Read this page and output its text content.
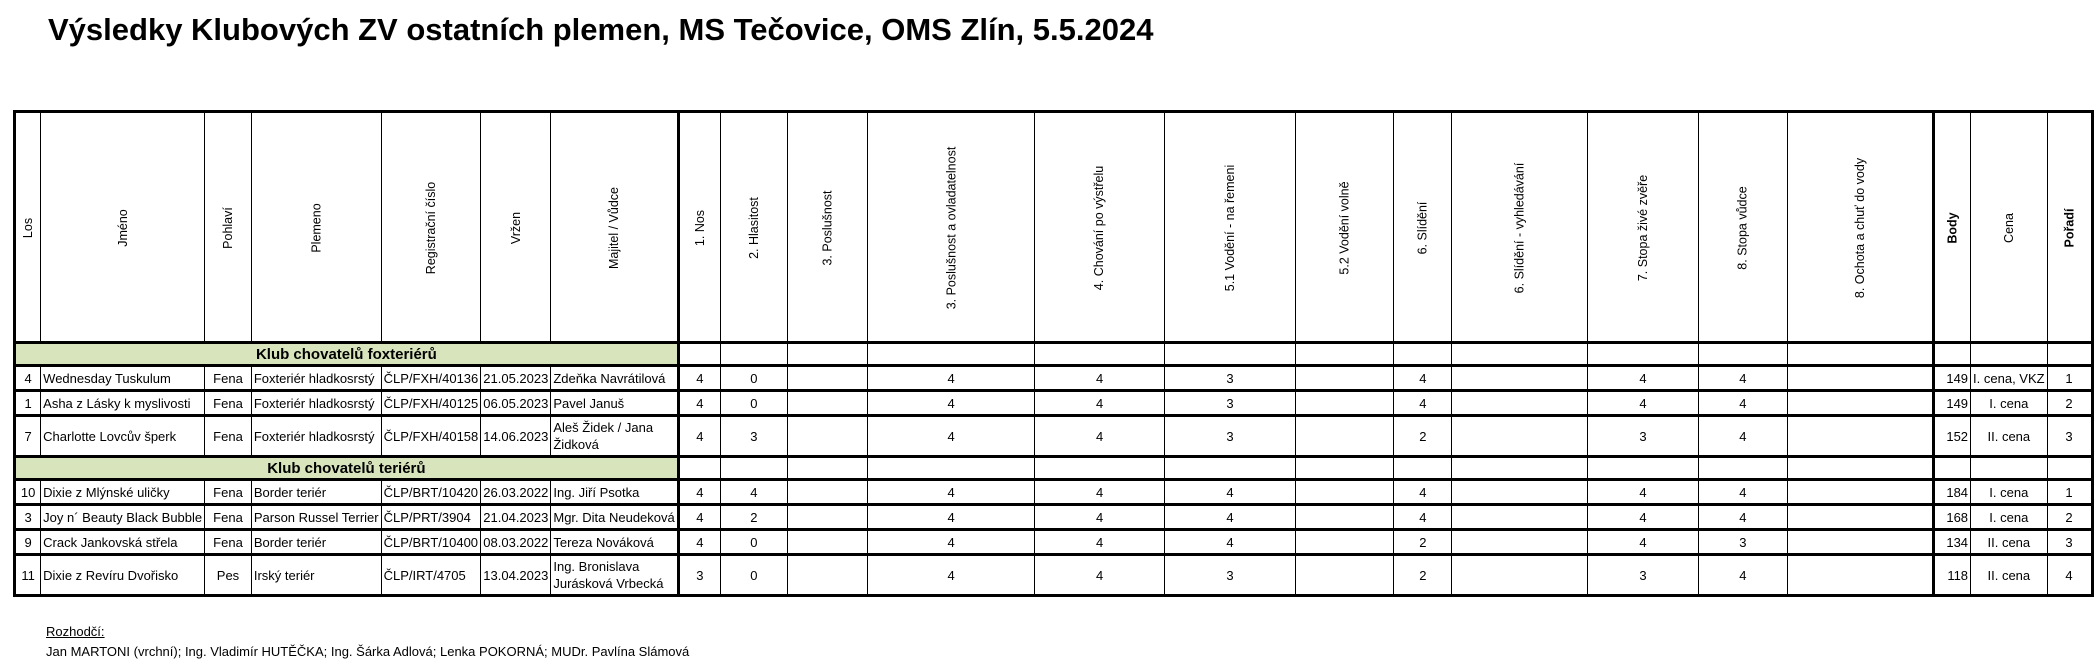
Výsledky Klubových ZV ostatních plemen, MS Tečovice, OMS Zlín, 5.5.2024
Los	Jméno	Pohlaví	Plemeno	Registrační číslo	Vržen	Majitel / Vůdce	1. Nos	2. Hlasitost	3. Poslušnost	3. Poslušnost a ovladatelnost	4. Chování po výstřelu	5.1 Vodění - na řemeni	5.2 Vodění volně	6. Slídění	6. Slídění - vyhledávání	7. Stopa živé zvěře	8. Stopa vůdce	8. Ochota a chuť do vody	Body	Cena	Pořadí
Klub chovatelů foxteriérů																					
4	Wednesday Tuskulum	Fena	Foxteriér hladkosrstý	ČLP/FXH/40136	21.05.2023	Zdeňka Navrátilová	4	0		4	4	3		4		4	4		149	I. cena, VKZ	1
1	Asha z Lásky k myslivosti	Fena	Foxteriér hladkosrstý	ČLP/FXH/40125	06.05.2023	Pavel Januš	4	0		4	4	3		4		4	4		149	I. cena	2
7	Charlotte Lovcův šperk	Fena	Foxteriér hladkosrstý	ČLP/FXH/40158	14.06.2023	Aleš Židek / Jana Židková	4	3		4	4	3		2		3	4		152	II. cena	3
Klub chovatelů teriérů																					
10	Dixie z Mlýnské uličky	Fena	Border teriér	ČLP/BRT/10420	26.03.2022	Ing. Jiří Psotka	4	4		4	4	4		4		4	4		184	I. cena	1
3	Joy n´ Beauty Black Bubble	Fena	Parson Russel Terrier	ČLP/PRT/3904	21.04.2023	Mgr. Dita Neudeková	4	2		4	4	4		4		4	4		168	I. cena	2
9	Crack Jankovská střela	Fena	Border teriér	ČLP/BRT/10400	08.03.2022	Tereza Nováková	4	0		4	4	4		2		4	3		134	II. cena	3
11	Dixie z Revíru Dvořisko	Pes	Irský teriér	ČLP/IRT/4705	13.04.2023	Ing. Bronislava Jurásková Vrbecká	3	0		4	4	3		2		3	4		118	II. cena	4
Rozhodčí:
Jan MARTONI (vrchní); Ing. Vladimír HUTĚČKA; Ing. Šárka Adlová; Lenka POKORNÁ; MUDr. Pavlína Slámová
